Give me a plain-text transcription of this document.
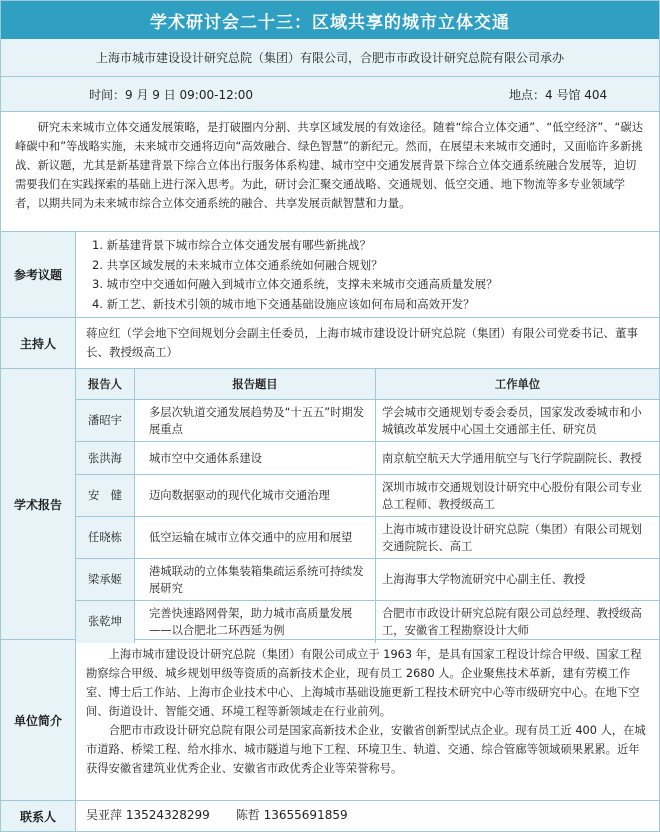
学术研讨会二十三：区域共享的城市立体交通
上海市城市建设设计研究总院（集团）有限公司，合肥市市政设计研究总院有限公司承办
时间：9 月 9 日 09:00-12:00	地点：4 号馆 404
研究未来城市立体交通发展策略，是打破圈内分割、共享区域发展的有效途径。随着“综合立体交通”、“低空经济”、“碳达峰碳中和”等战略实施，未来城市交通将迈向“高效融合、绿色智慧”的新纪元。然而，在展望未来城市交通时，又面临许多新挑战、新议题，尤其是新基建背景下综合立体出行服务体系构建、城市空中交通发展背景下综合立体交通系统融合发展等，迫切需要我们在实践探索的基础上进行深入思考。为此，研讨会汇聚交通战略、交通规划、低空交通、地下物流等多专业领域学者，以期共同为未来城市综合立体交通系统的融合、共享发展贡献智慧和力量。
参考议题
1. 新基建背景下城市综合立体交通发展有哪些新挑战？
2. 共享区域发展的未来城市立体交通系统如何融合规划？
3. 城市空中交通如何融入到城市立体交通系统，支撑未来城市交通高质量发展？
4. 新工艺、新技术引领的城市地下交通基础设施应该如何布局和高效开发？
主持人
蒋应红（学会地下空间规划分会副主任委员，上海市城市建设设计研究总院（集团）有限公司党委书记、董事长、教授级高工）
学术报告
报告人	报告题目	工作单位
潘昭宇	多层次轨道交通发展趋势及“十五五”时期发展重点	学会城市交通规划专委会委员，国家发改委城市和小城镇改革发展中心国土交通部主任、研究员
张洪海	城市空中交通体系建设	南京航空航天大学通用航空与飞行学院副院长、教授
安　健	迈向数据驱动的现代化城市交通治理	深圳市城市交通规划设计研究中心股份有限公司专业总工程师、教授级高工
任晓栋	低空运输在城市立体交通中的应用和展望	上海市城市建设设计研究总院（集团）有限公司规划交通院院长、高工
梁承姬	港城联动的立体集装箱集疏运系统可持续发展研究	上海海事大学物流研究中心副主任、教授
张乾坤	完善快速路网骨架，助力城市高质量发展——以合肥北二环西延为例	合肥市市政设计研究总院有限公司总经理、教授级高工，安徽省工程勘察设计大师
单位简介

上海市城市建设设计研究总院（集团）有限公司成立于 1963 年，是具有国家工程设计综合甲级、国家工程勘察综合甲级、城乡规划甲级等资质的高新技术企业，现有员工 2680 人。企业聚焦技术革新，建有劳模工作室、博士后工作站、上海市企业技术中心、上海城市基础设施更新工程技术研究中心等市级研究中心。在地下空间、街道设计、智能交通、环境工程等新领域走在行业前列。

合肥市市政设计研究总院有限公司是国家高新技术企业，安徽省创新型试点企业。现有员工近 400 人，在城市道路、桥梁工程、给水排水、城市隧道与地下工程、环境卫生、轨道、交通、综合管廊等领域硕果累累。近年获得安徽省建筑业优秀企业、安徽省市政优秀企业等荣誉称号。

联系人	吴亚萍 13524328299 陈哲 13655691859
